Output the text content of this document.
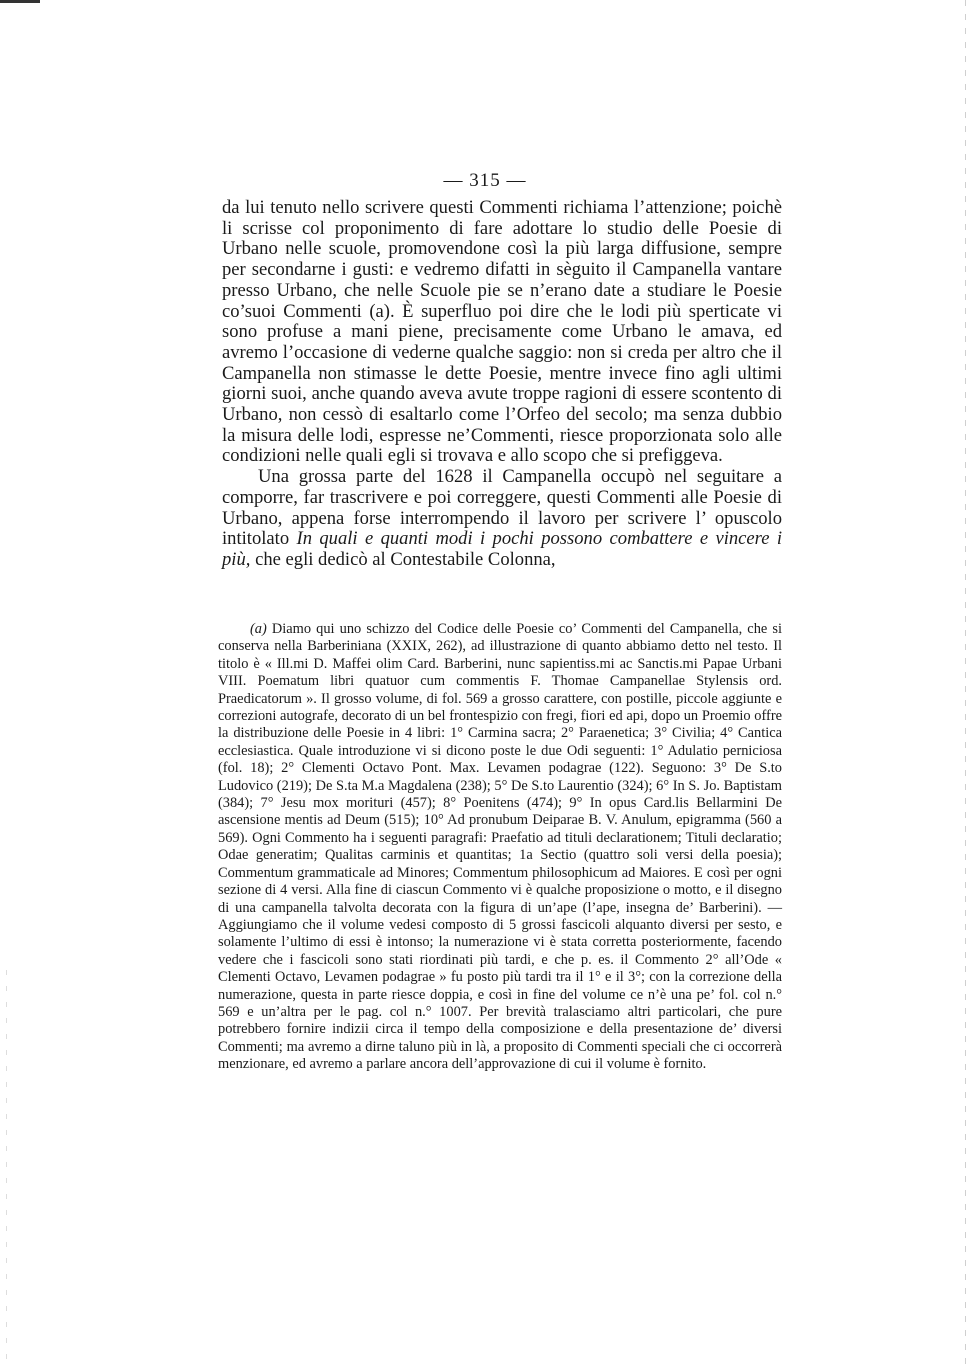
— 315 —

da lui tenuto nello scrivere questi Commenti richiama l’attenzione; poichè li scrisse col proponimento di fare adottare lo studio delle Poesie di Urbano nelle scuole, promovendone così la più larga diffusione, sempre per secondarne i gusti: e vedremo difatti in sèguito il Campanella vantare presso Urbano, che nelle Scuole pie se n’erano date a studiare le Poesie co’suoi Commenti (a). È superfluo poi dire che le lodi più sperticate vi sono profuse a mani piene, precisamente come Urbano le amava, ed avremo l’occasione di vederne qualche saggio: non si creda per altro che il Campanella non stimasse le dette Poesie, mentre invece fino agli ultimi giorni suoi, anche quando aveva avute troppe ragioni di essere scontento di Urbano, non cessò di esaltarlo come l’Orfeo del secolo; ma senza dubbio la misura delle lodi, espresse ne’Commenti, riesce proporzionata solo alle condizioni nelle quali egli si trovava e allo scopo che si prefiggeva.

Una grossa parte del 1628 il Campanella occupò nel seguitare a comporre, far trascrivere e poi correggere, questi Commenti alle Poesie di Urbano, appena forse interrompendo il lavoro per scrivere l’ opuscolo intitolato In quali e quanti modi i pochi possono combattere e vincere i più, che egli dedicò al Contestabile Colonna,

(a) Diamo qui uno schizzo del Codice delle Poesie co’ Commenti del Campanella, che si conserva nella Barberiniana (XXIX, 262), ad illustrazione di quanto abbiamo detto nel testo. Il titolo è « Ill.mi D. Maffei olim Card. Barberini, nunc sapientiss.mi ac Sanctis.mi Papae Urbani VIII. Poematum libri quatuor cum commentis F. Thomae Campanellae Stylensis ord. Praedicatorum ». Il grosso volume, di fol. 569 a grosso carattere, con postille, piccole aggiunte e correzioni autografe, decorato di un bel frontespizio con fregi, fiori ed api, dopo un Proemio offre la distribuzione delle Poesie in 4 libri: 1° Carmina sacra; 2° Paraenetica; 3° Civilia; 4° Cantica ecclesiastica. Quale introduzione vi si dicono poste le due Odi seguenti: 1° Adulatio perniciosa (fol. 18); 2° Clementi Octavo Pont. Max. Levamen podagrae (122). Seguono: 3° De S.to Ludovico (219); De S.ta M.a Magdalena (238); 5° De S.to Laurentio (324); 6° In S. Jo. Baptistam (384); 7° Jesu mox morituri (457); 8° Poenitens (474); 9° In opus Card.lis Bellarmini De ascensione mentis ad Deum (515); 10° Ad pronubum Deiparae B. V. Anulum, epigramma (560 a 569). Ogni Commento ha i seguenti paragrafi: Praefatio ad tituli declarationem; Tituli declaratio; Odae generatim; Qualitas carminis et quantitas; 1a Sectio (quattro soli versi della poesia); Commentum grammaticale ad Minores; Commentum philosophicum ad Maiores. E così per ogni sezione di 4 versi. Alla fine di ciascun Commento vi è qualche proposizione o motto, e il disegno di una campanella talvolta decorata con la figura di un’ape (l’ape, insegna de’ Barberini). — Aggiungiamo che il volume vedesi composto di 5 grossi fascicoli alquanto diversi per sesto, e solamente l’ultimo di essi è intonso; la numerazione vi è stata corretta posteriormente, facendo vedere che i fascicoli sono stati riordinati più tardi, e che p. es. il Commento 2° all’Ode « Clementi Octavo, Levamen podagrae » fu posto più tardi tra il 1° e il 3°; con la correzione della numerazione, questa in parte riesce doppia, e così in fine del volume ce n’è una pe’ fol. col n.° 569 e un’altra per le pag. col n.° 1007. Per brevità tralasciamo altri particolari, che pure potrebbero fornire indizii circa il tempo della composizione e della presentazione de’ diversi Commenti; ma avremo a dirne taluno più in là, a proposito di Commenti speciali che ci occorrerà menzionare, ed avremo a parlare ancora dell’approvazione di cui il volume è fornito.
